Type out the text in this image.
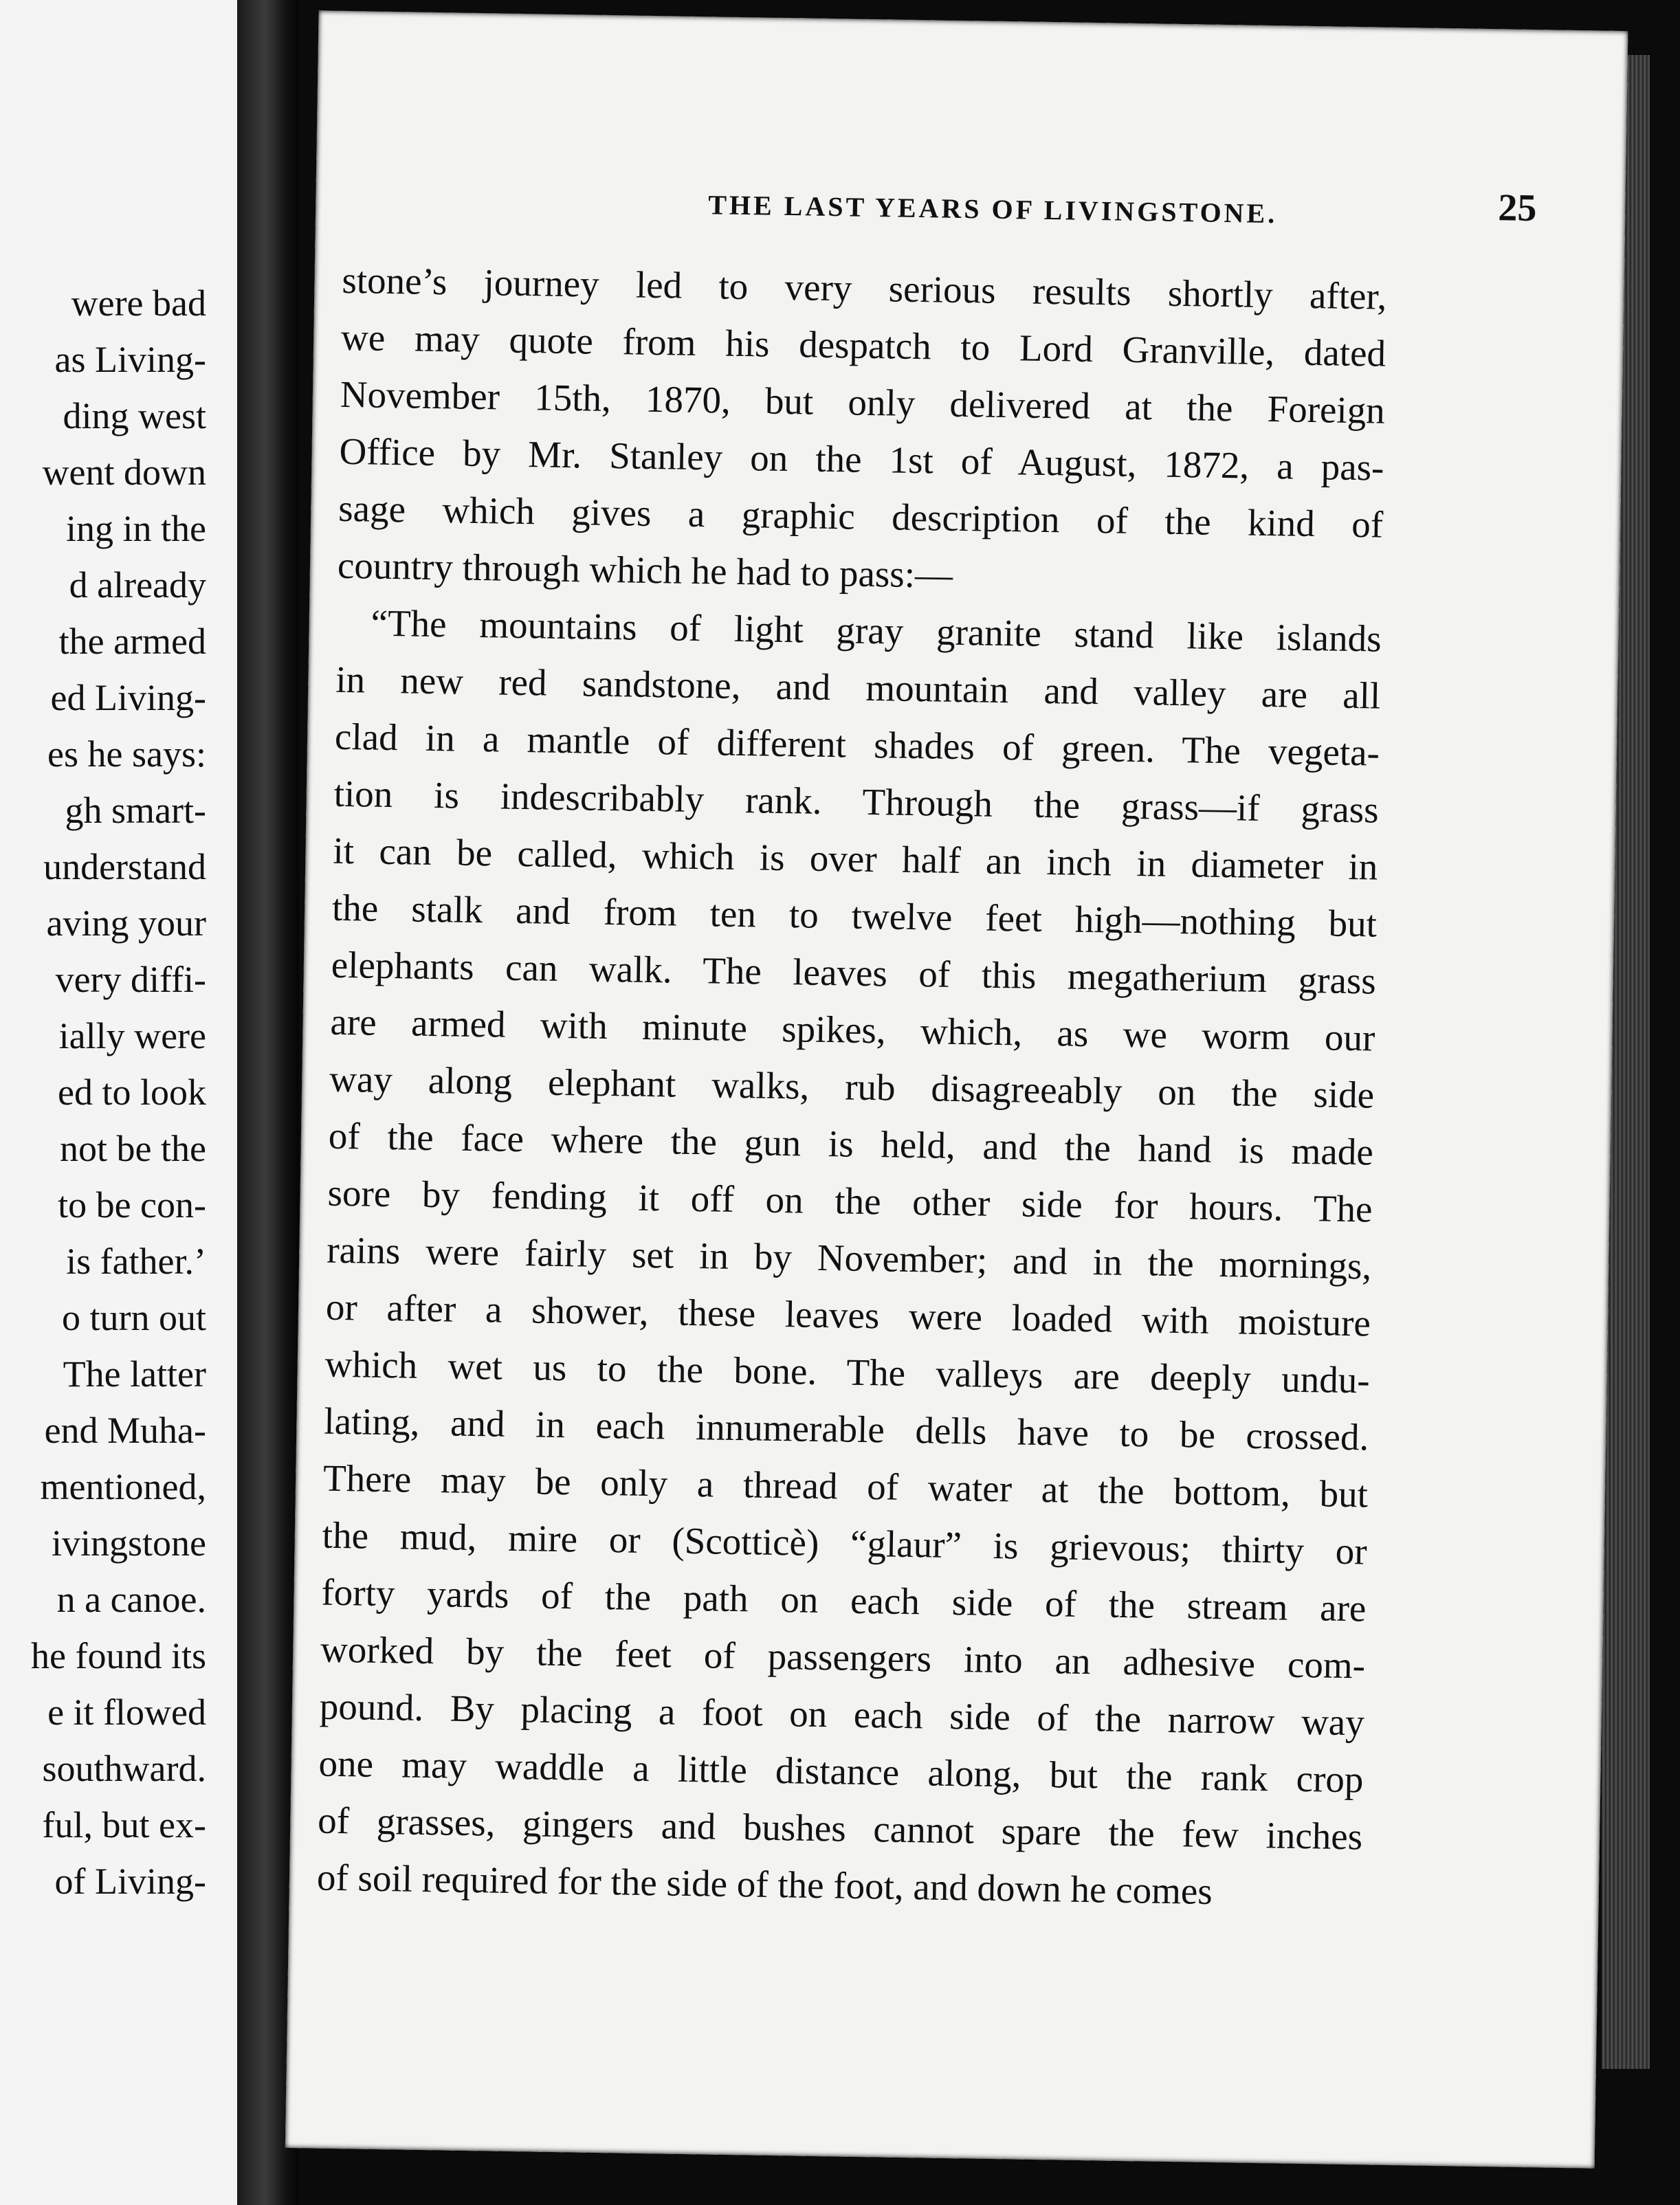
were bad
as Living-
ding west
went down
ing in the
d already
the armed
ed Living-
es he says:
gh smart-
understand
aving your
very diffi-
ially were
ed to look
not be the
to be con-
is father.’
o turn out
The latter
end Muha-
mentioned,
ivingstone
n a canoe.
he found its
e it flowed
southward.
ful, but ex-
of Living-
THE LAST YEARS OF LIVINGSTONE.	25
stone’s journey led to very serious results shortly after,
we may quote from his despatch to Lord Granville, dated
November 15th, 1870, but only delivered at the Foreign
Office by Mr. Stanley on the 1st of August, 1872, a pas-
sage which gives a graphic description of the kind of
country through which he had to pass:—
“The mountains of light gray granite stand like islands
in new red sandstone, and mountain and valley are all
clad in a mantle of different shades of green. The vegeta-
tion is indescribably rank. Through the grass—if grass
it can be called, which is over half an inch in diameter in
the stalk and from ten to twelve feet high—nothing but
elephants can walk. The leaves of this megatherium grass
are armed with minute spikes, which, as we worm our
way along elephant walks, rub disagreeably on the side
of the face where the gun is held, and the hand is made
sore by fending it off on the other side for hours. The
rains were fairly set in by November; and in the mornings,
or after a shower, these leaves were loaded with moisture
which wet us to the bone. The valleys are deeply undu-
lating, and in each innumerable dells have to be crossed.
There may be only a thread of water at the bottom, but
the mud, mire or (Scotticè) “glaur” is grievous; thirty or
forty yards of the path on each side of the stream are
worked by the feet of passengers into an adhesive com-
pound. By placing a foot on each side of the narrow way
one may waddle a little distance along, but the rank crop
of grasses, gingers and bushes cannot spare the few inches
of soil required for the side of the foot, and down he comes
